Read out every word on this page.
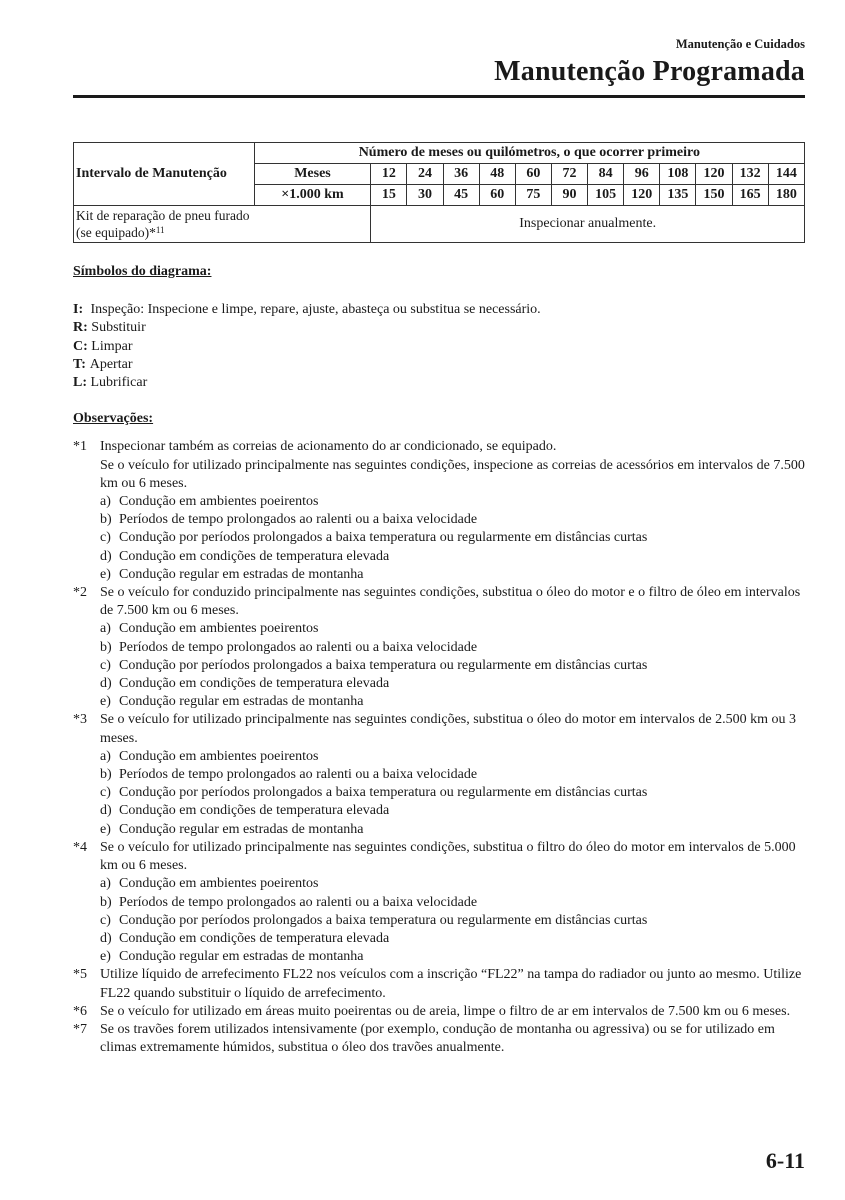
Manutenção e Cuidados
Manutenção Programada
Intervalo de Manutenção	Número de meses ou quilómetros, o que ocorrer primeiro												
	Meses	12	24	36	48	60	72	84	96	108	120	132	144
	×1.000 km	15	30	45	60	75	90	105	120	135	150	165	180
Kit de reparação de pneu furado
(se equipado)*$^{11}$		Inspecionar anualmente.											
Símbolos do diagrama:
I: Inspeção: Inspecione e limpe, repare, ajuste, abasteça ou substitua se necessário.
R: Substituir
C: Limpar
T: Apertar
L: Lubrificar
Observações:
*1 Inspecionar também as correias de acionamento do ar condicionado, se equipado.
Se o veículo for utilizado principalmente nas seguintes condições, inspecione as correias de acessórios em intervalos de 7.500 km ou 6 meses.
a) Condução em ambientes poeirentos
b) Períodos de tempo prolongados ao ralenti ou a baixa velocidade
c) Condução por períodos prolongados a baixa temperatura ou regularmente em distâncias curtas
d) Condução em condições de temperatura elevada
e) Condução regular em estradas de montanha
*2 Se o veículo for conduzido principalmente nas seguintes condições, substitua o óleo do motor e o filtro de óleo em intervalos de 7.500 km ou 6 meses.
a) Condução em ambientes poeirentos
b) Períodos de tempo prolongados ao ralenti ou a baixa velocidade
c) Condução por períodos prolongados a baixa temperatura ou regularmente em distâncias curtas
d) Condução em condições de temperatura elevada
e) Condução regular em estradas de montanha
*3 Se o veículo for utilizado principalmente nas seguintes condições, substitua o óleo do motor em intervalos de 2.500 km ou 3 meses.
a) Condução em ambientes poeirentos
b) Períodos de tempo prolongados ao ralenti ou a baixa velocidade
c) Condução por períodos prolongados a baixa temperatura ou regularmente em distâncias curtas
d) Condução em condições de temperatura elevada
e) Condução regular em estradas de montanha
*4 Se o veículo for utilizado principalmente nas seguintes condições, substitua o filtro do óleo do motor em intervalos de 5.000 km ou 6 meses.
a) Condução em ambientes poeirentos
b) Períodos de tempo prolongados ao ralenti ou a baixa velocidade
c) Condução por períodos prolongados a baixa temperatura ou regularmente em distâncias curtas
d) Condução em condições de temperatura elevada
e) Condução regular em estradas de montanha
*5 Utilize líquido de arrefecimento FL22 nos veículos com a inscrição “FL22” na tampa do radiador ou junto ao mesmo. Utilize FL22 quando substituir o líquido de arrefecimento.
*6 Se o veículo for utilizado em áreas muito poeirentas ou de areia, limpe o filtro de ar em intervalos de 7.500 km ou 6 meses.
*7 Se os travões forem utilizados intensivamente (por exemplo, condução de montanha ou agressiva) ou se for utilizado em climas extremamente húmidos, substitua o óleo dos travões anualmente.
6-11
